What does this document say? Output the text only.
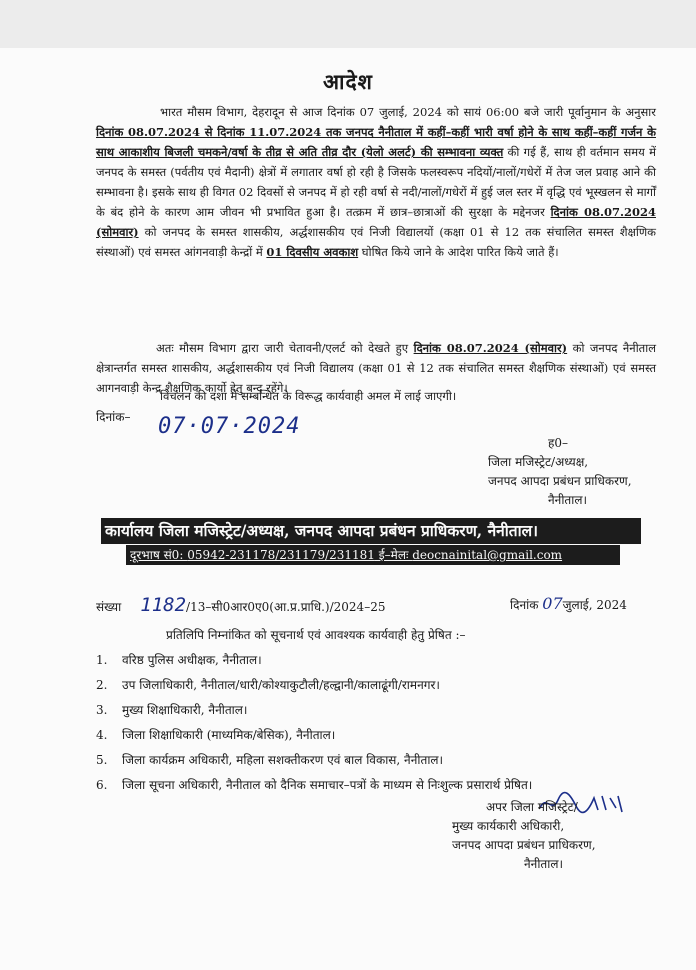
आदेश
भारत मौसम विभाग, देहरादून से आज दिनांक 07 जुलाई, 2024 को सायं 06:00 बजे जारी पूर्वानुमान के अनुसार दिनांक 08.07.2024 से दिनांक 11.07.2024 तक जनपद नैनीताल में कहीं–कहीं भारी वर्षा होने के साथ कहीं–कहीं गर्जन के साथ आकाशीय बिजली चमकने/वर्षा के तीव्र से अति तीव्र दौर (येलो अलर्ट) की सम्भावना व्यक्त की गई हैं, साथ ही वर्तमान समय में जनपद के समस्त (पर्वतीय एवं मैदानी) क्षेत्रों में लगातार वर्षा हो रही है जिसके फलस्वरूप नदियों/नालों/गधेरों में तेज जल प्रवाह आने की सम्भावना है। इसके साथ ही विगत 02 दिवसों से जनपद में हो रही वर्षा से नदी/नालों/गधेरों में हुई जल स्तर में वृद्धि एवं भूस्खलन से मार्गों के बंद होने के कारण आम जीवन भी प्रभावित हुआ है। तत्क्रम में छात्र–छात्राओं की सुरक्षा के मद्देनजर दिनांक 08.07.2024 (सोमवार) को जनपद के समस्त शासकीय, अर्द्धशासकीय एवं निजी विद्यालयों (कक्षा 01 से 12 तक संचालित समस्त शैक्षणिक संस्थाओं) एवं समस्त आंगनवाड़ी केन्द्रों में 01 दिवसीय अवकाश घोषित किये जाने के आदेश पारित किये जाते हैं।
अतः मौसम विभाग द्वारा जारी चेतावनी/एलर्ट को देखते हुए दिनांक 08.07.2024 (सोमवार) को जनपद नैनीताल क्षेत्रान्तर्गत समस्त शासकीय, अर्द्धशासकीय एवं निजी विद्यालय (कक्षा 01 से 12 तक संचालित समस्त शैक्षणिक संस्थाओं) एवं समस्त आगनवाड़ी केन्द्र शैक्षणिक कार्यो हेतु बन्द रहेंगे।
विचलन की दशा में सम्बन्धित के विरूद्ध कार्यवाही अमल में लाई जाएगी।
दिनांक– 07·07·2024
ह0–
जिला मजिस्ट्रेट/अध्यक्ष,
जनपद आपदा प्रबंधन प्राधिकरण,
नैनीताल।
कार्यालय जिला मजिस्ट्रेट/अध्यक्ष, जनपद आपदा प्रबंधन प्राधिकरण, नैनीताल।
दूरभाष सं0: 05942-231178/231179/231181 ई–मेलः deocnainital@gmail.com
संख्या 1182/13–सी0आर0ए0(आ.प्र.प्राधि.)/2024–25	दिनांक 07जुलाई, 2024
प्रतिलिपि निम्नांकित को सूचनार्थ एवं आवश्यक कार्यवाही हेतु प्रेषित :–
1. वरिष्ठ पुलिस अधीक्षक, नैनीताल।
2. उप जिलाधिकारी, नैनीताल/धारी/कोश्याकुटौली/हल्द्वानी/कालाढूंगी/रामनगर।
3. मुख्य शिक्षाधिकारी, नैनीताल।
4. जिला शिक्षाधिकारी (माध्यमिक/बेसिक), नैनीताल।
5. जिला कार्यक्रम अधिकारी, महिला सशक्तीकरण एवं बाल विकास, नैनीताल।
6. जिला सूचना अधिकारी, नैनीताल को दैनिक समाचार–पत्रों के माध्यम से निःशुल्क प्रसारार्थ प्रेषित।
अपर जिला मजिस्ट्रेट/
मुख्य कार्यकारी अधिकारी,
जनपद आपदा प्रबंधन प्राधिकरण,
नैनीताल।
